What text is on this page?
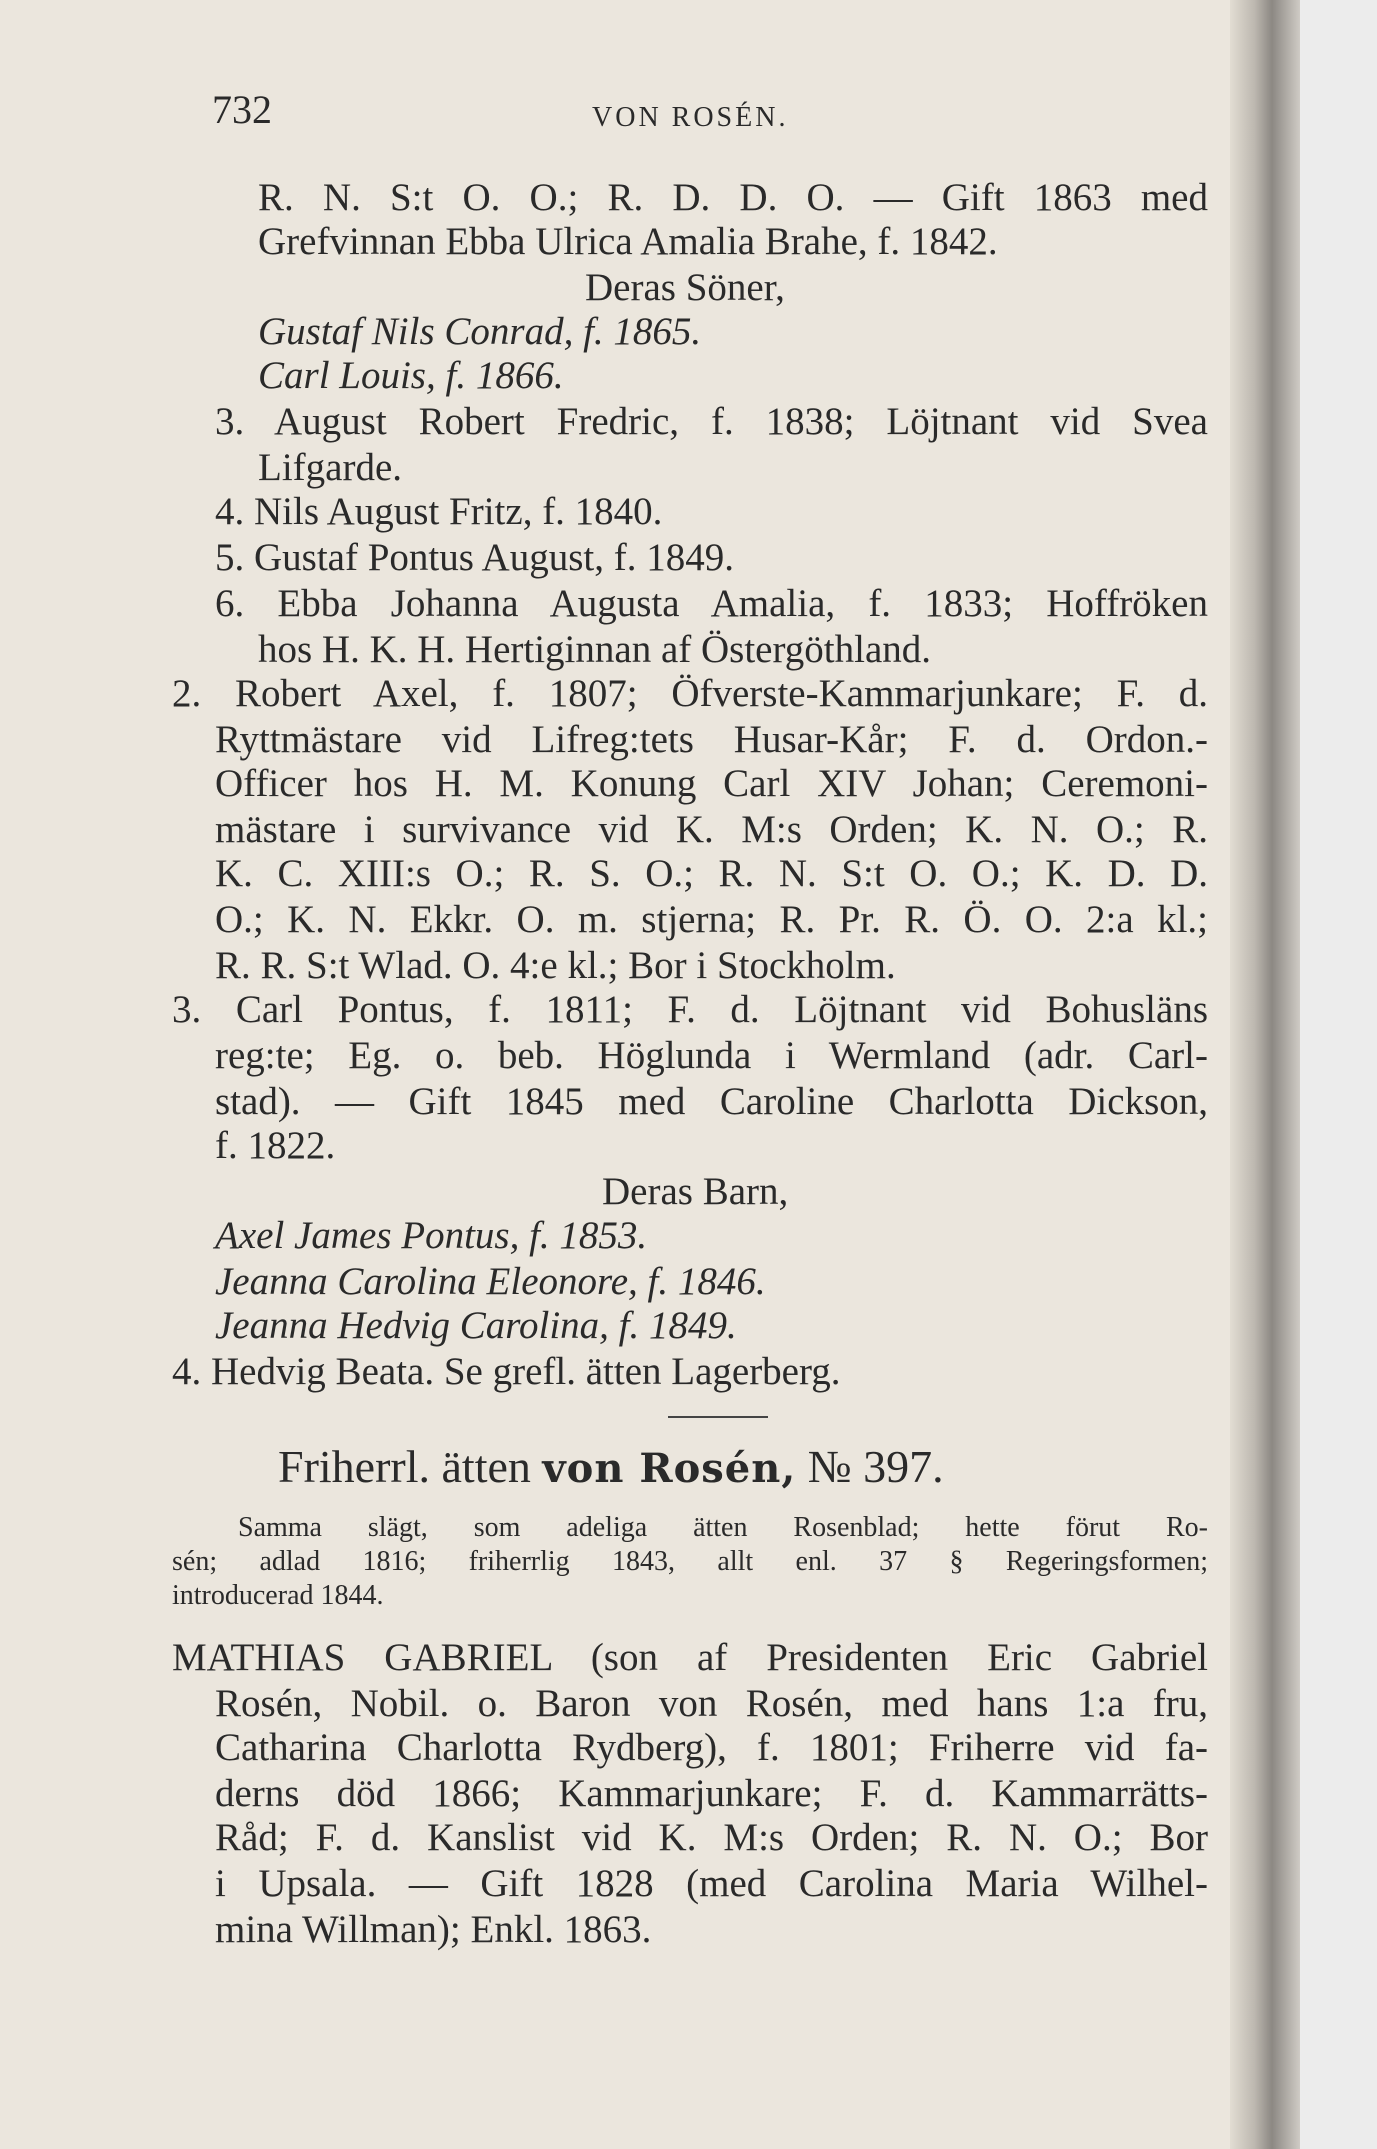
732	VON ROSÉN.
R. N. S:t O. O.; R. D. D. O. — Gift 1863 med
Grefvinnan Ebba Ulrica Amalia Brahe, f. 1842.
Deras Söner,
Gustaf Nils Conrad, f. 1865.
Carl Louis, f. 1866.
3. August Robert Fredric, f. 1838; Löjtnant vid Svea
Lifgarde.
4. Nils August Fritz, f. 1840.
5. Gustaf Pontus August, f. 1849.
6. Ebba Johanna Augusta Amalia, f. 1833; Hoffröken
hos H. K. H. Hertiginnan af Östergöthland.
2. Robert Axel, f. 1807; Öfverste-Kammarjunkare; F. d.
Ryttmästare vid Lifreg:tets Husar-Kår; F. d. Ordon.-
Officer hos H. M. Konung Carl XIV Johan; Ceremoni-
mästare i survivance vid K. M:s Orden; K. N. O.; R.
K. C. XIII:s O.; R. S. O.; R. N. S:t O. O.; K. D. D.
O.; K. N. Ekkr. O. m. stjerna; R. Pr. R. Ö. O. 2:a kl.;
R. R. S:t Wlad. O. 4:e kl.; Bor i Stockholm.
3. Carl Pontus, f. 1811; F. d. Löjtnant vid Bohusläns
reg:te; Eg. o. beb. Höglunda i Wermland (adr. Carl-
stad). — Gift 1845 med Caroline Charlotta Dickson,
f. 1822.
Deras Barn,
Axel James Pontus, f. 1853.
Jeanna Carolina Eleonore, f. 1846.
Jeanna Hedvig Carolina, f. 1849.
4. Hedvig Beata. Se grefl. ätten Lagerberg.
Friherrl. ätten von Rosén, № 397.
Samma slägt, som adeliga ätten Rosenblad; hette förut Ro-
sén; adlad 1816; friherrlig 1843, allt enl. 37 § Regeringsformen;
introducerad 1844.
MATHIAS GABRIEL (son af Presidenten Eric Gabriel
Rosén, Nobil. o. Baron von Rosén, med hans 1:a fru,
Catharina Charlotta Rydberg), f. 1801; Friherre vid fa-
derns död 1866; Kammarjunkare; F. d. Kammarrätts-
Råd; F. d. Kanslist vid K. M:s Orden; R. N. O.; Bor
i Upsala. — Gift 1828 (med Carolina Maria Wilhel-
mina Willman); Enkl. 1863.
